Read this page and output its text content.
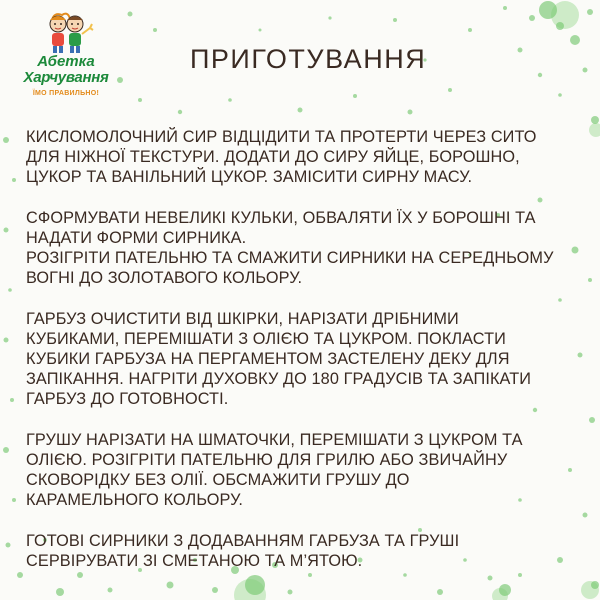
Абетка
Харчування
ЇМО ПРАВИЛЬНО!
ПРИГОТУВАННЯ
КИСЛОМОЛОЧНИЙ СИР ВІДЦІДИТИ ТА ПРОТЕРТИ ЧЕРЕЗ СИТО
ДЛЯ НІЖНОЇ ТЕКСТУРИ. ДОДАТИ ДО СИРУ ЯЙЦЕ, БОРОШНО,
ЦУКОР ТА ВАНІЛЬНИЙ ЦУКОР. ЗАМІСИТИ СИРНУ МАСУ.
СФОРМУВАТИ НЕВЕЛИКІ КУЛЬКИ, ОБВАЛЯТИ ЇХ У БОРОШНІ ТА
НАДАТИ ФОРМИ СИРНИКА.
РОЗІГРІТИ ПАТЕЛЬНЮ ТА СМАЖИТИ СИРНИКИ НА СЕРЕДНЬОМУ
ВОГНІ ДО ЗОЛОТАВОГО КОЛЬОРУ.
ГАРБУЗ ОЧИСТИТИ ВІД ШКІРКИ, НАРІЗАТИ ДРІБНИМИ
КУБИКАМИ, ПЕРЕМІШАТИ З ОЛІЄЮ ТА ЦУКРОМ. ПОКЛАСТИ
КУБИКИ ГАРБУЗА НА ПЕРГАМЕНТОМ ЗАСТЕЛЕНУ ДЕКУ ДЛЯ
ЗАПІКАННЯ. НАГРІТИ ДУХОВКУ ДО 180 ГРАДУСІВ ТА ЗАПІКАТИ
ГАРБУЗ ДО ГОТОВНОСТІ.
ГРУШУ НАРІЗАТИ НА ШМАТОЧКИ, ПЕРЕМІШАТИ З ЦУКРОМ ТА
ОЛІЄЮ. РОЗІГРІТИ ПАТЕЛЬНЮ ДЛЯ ГРИЛЮ АБО ЗВИЧАЙНУ
СКОВОРІДКУ БЕЗ ОЛІЇ. ОБСМАЖИТИ ГРУШУ ДО
КАРАМЕЛЬНОГО КОЛЬОРУ.
ГОТОВІ СИРНИКИ З ДОДАВАННЯМ ГАРБУЗА ТА ГРУШІ
СЕРВІРУВАТИ ЗІ СМЕТАНОЮ ТА М’ЯТОЮ.
